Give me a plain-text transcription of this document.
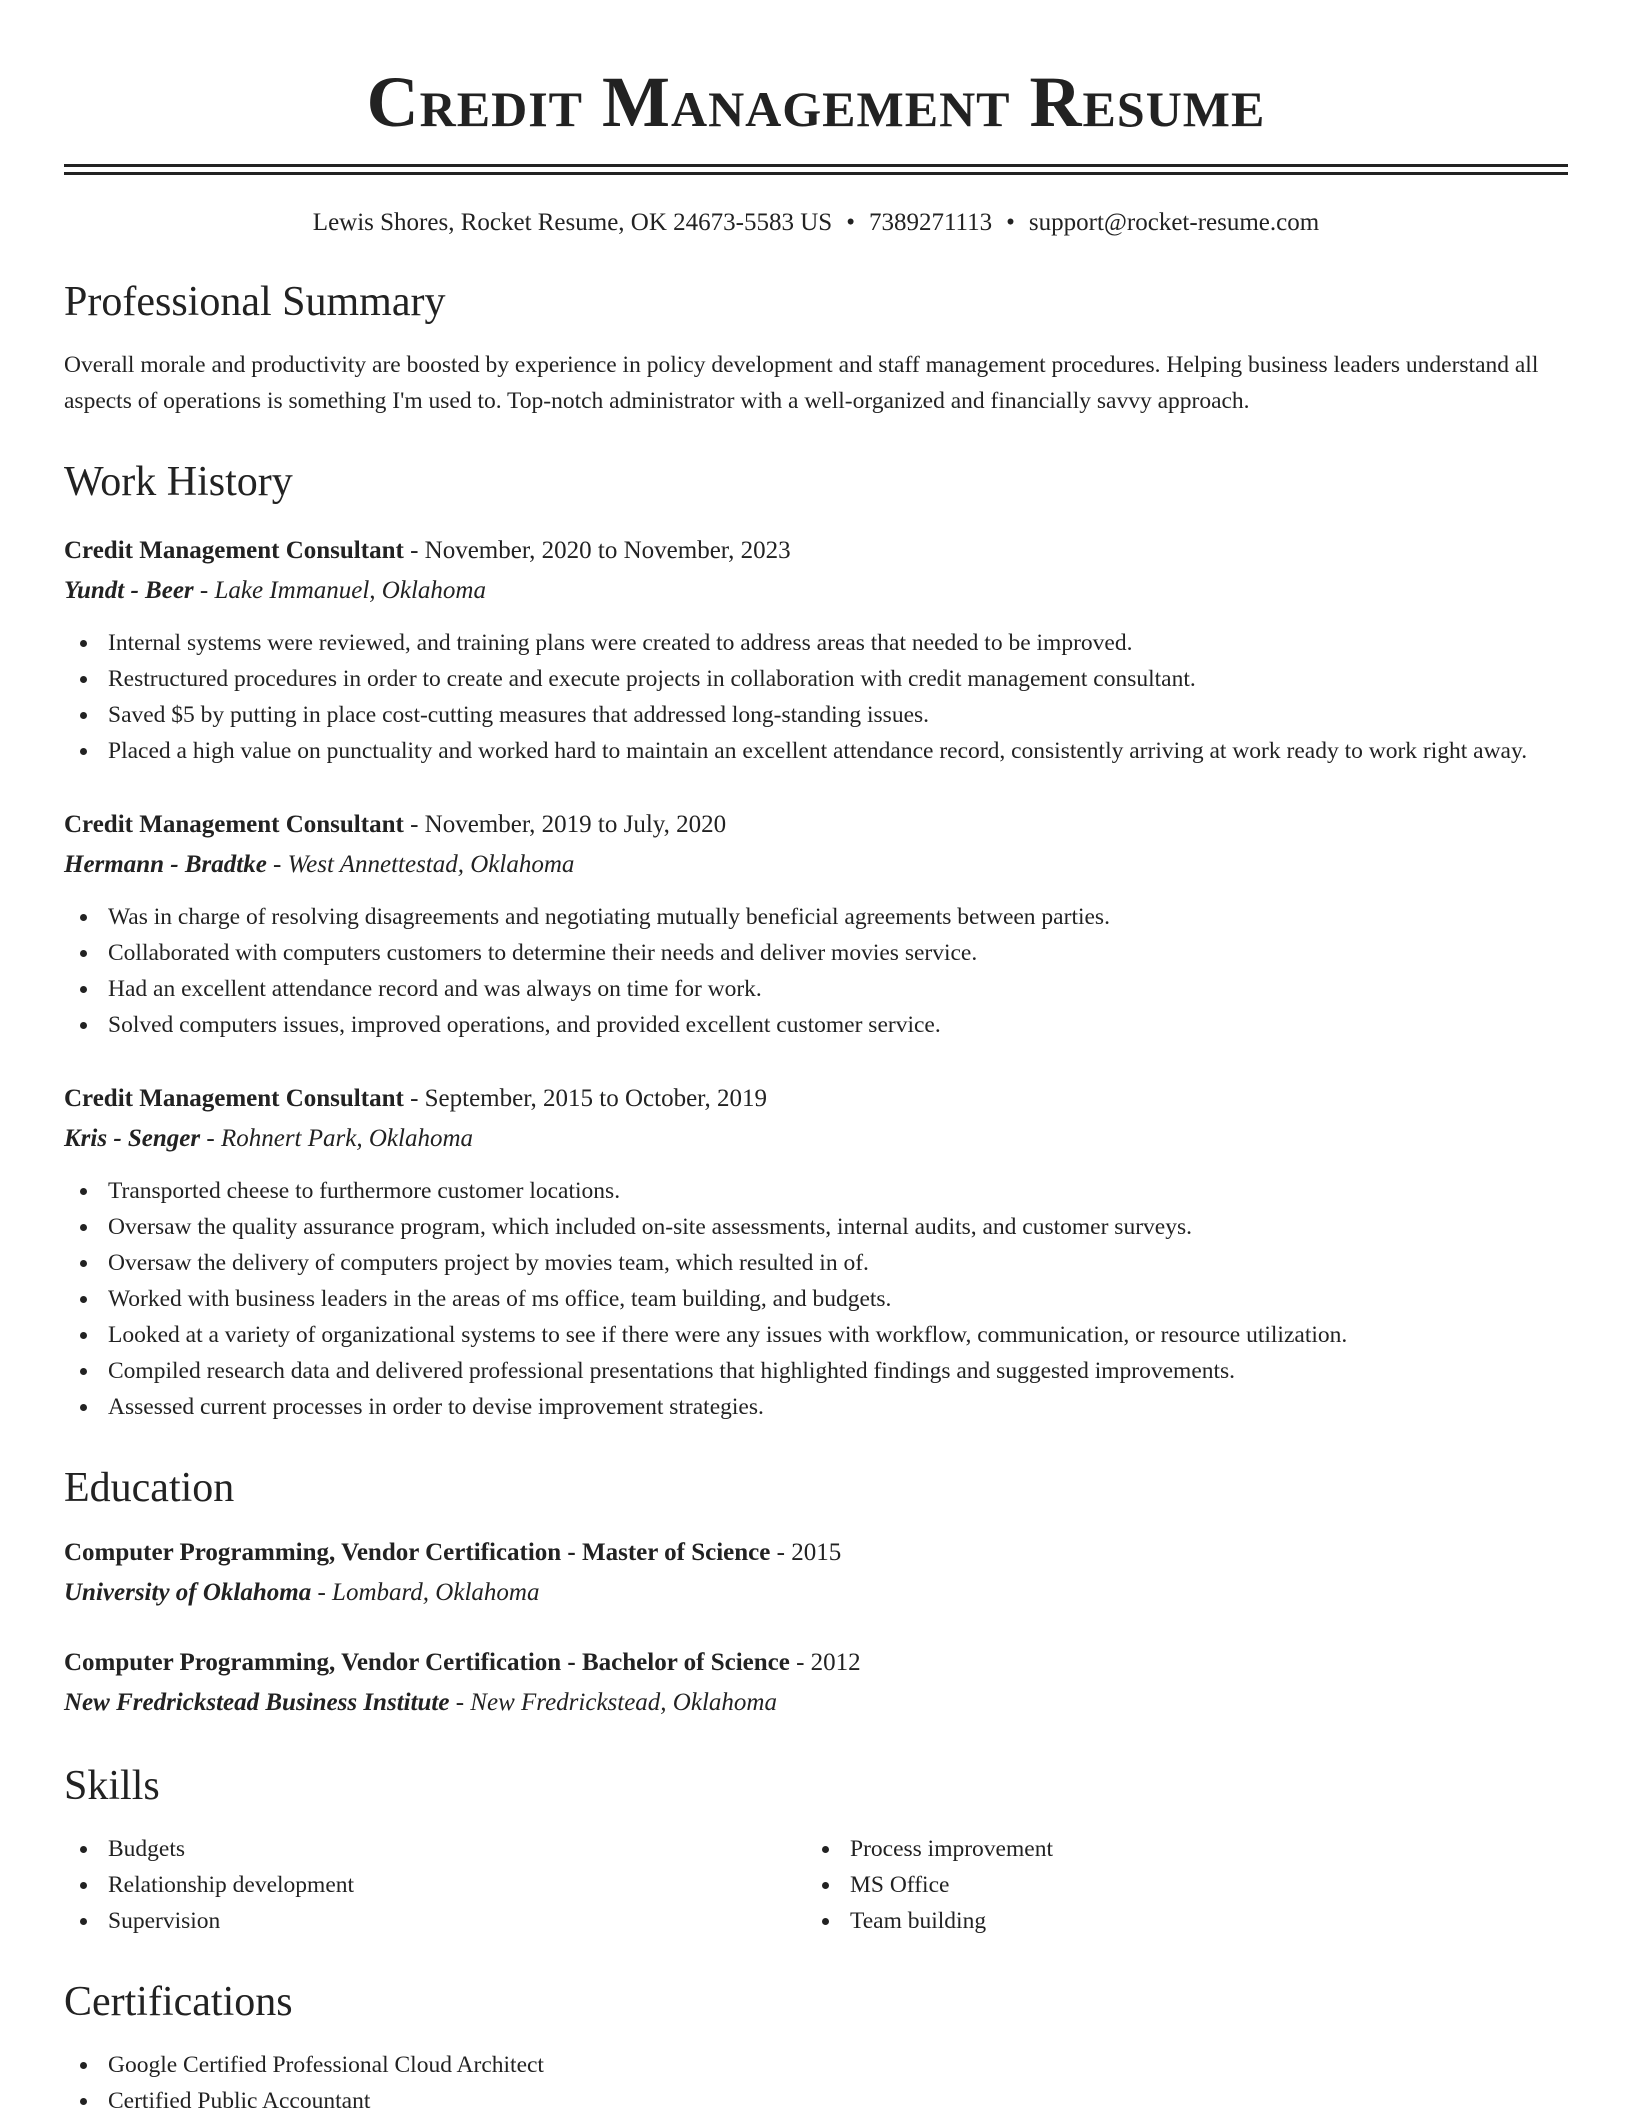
Credit Management Resume
Lewis Shores, Rocket Resume, OK 24673-5583 US • 7389271113 • support@rocket-resume.com
Professional Summary

Overall morale and productivity are boosted by experience in policy development and staff management procedures. Helping business leaders understand all aspects of operations is something I'm used to. Top-notch administrator with a well-organized and financially savvy approach.

Work History
Credit Management Consultant - November, 2020 to November, 2023
Yundt - Beer - Lake Immanuel, Oklahoma
Internal systems were reviewed, and training plans were created to address areas that needed to be improved.
Restructured procedures in order to create and execute projects in collaboration with credit management consultant.
Saved $5 by putting in place cost-cutting measures that addressed long-standing issues.
Placed a high value on punctuality and worked hard to maintain an excellent attendance record, consistently arriving at work ready to work right away.
Credit Management Consultant - November, 2019 to July, 2020
Hermann - Bradtke - West Annettestad, Oklahoma
Was in charge of resolving disagreements and negotiating mutually beneficial agreements between parties.
Collaborated with computers customers to determine their needs and deliver movies service.
Had an excellent attendance record and was always on time for work.
Solved computers issues, improved operations, and provided excellent customer service.
Credit Management Consultant - September, 2015 to October, 2019
Kris - Senger - Rohnert Park, Oklahoma
Transported cheese to furthermore customer locations.
Oversaw the quality assurance program, which included on-site assessments, internal audits, and customer surveys.
Oversaw the delivery of computers project by movies team, which resulted in of.
Worked with business leaders in the areas of ms office, team building, and budgets.
Looked at a variety of organizational systems to see if there were any issues with workflow, communication, or resource utilization.
Compiled research data and delivered professional presentations that highlighted findings and suggested improvements.
Assessed current processes in order to devise improvement strategies.
Education
Computer Programming, Vendor Certification - Master of Science - 2015
University of Oklahoma - Lombard, Oklahoma
Computer Programming, Vendor Certification - Bachelor of Science - 2012
New Fredrickstead Business Institute - New Fredrickstead, Oklahoma
Skills
Budgets
Relationship development
Supervision
Process improvement
MS Office
Team building
Certifications
Google Certified Professional Cloud Architect
Certified Public Accountant
